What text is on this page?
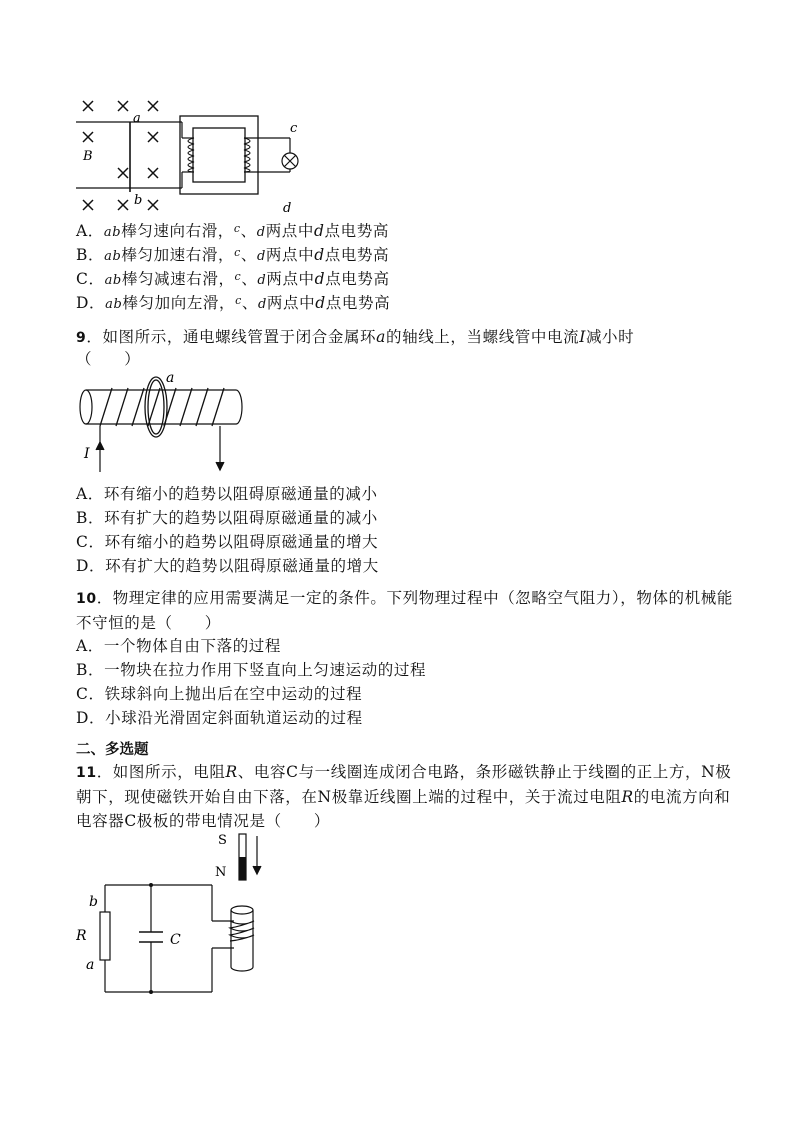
a
b
B
c
d
A．ab棒匀速向右滑，$^c$、d两点中d点电势高
B．ab棒匀加速右滑，$^c$、d两点中d点电势高
C．ab棒匀减速右滑，$^c$、d两点中d点电势高
D．ab棒匀加向左滑，$^c$、d两点中d点电势高
9．如图所示，通电螺线管置于闭合金属环a的轴线上，当螺线管中电流I减小时
（　　）
a
I
A．环有缩小的趋势以阻碍原磁通量的减小
B．环有扩大的趋势以阻碍原磁通量的减小
C．环有缩小的趋势以阻碍原磁通量的增大
D．环有扩大的趋势以阻碍原磁通量的增大
10．物理定律的应用需要满足一定的条件。下列物理过程中（忽略空气阻力），物体的机械能不守恒的是（　　）
A．一个物体自由下落的过程
B．一物块在拉力作用下竖直向上匀速运动的过程
C．铁球斜向上抛出后在空中运动的过程
D．小球沿光滑固定斜面轨道运动的过程
二、多选题
11．如图所示，电阻R、电容C与一线圈连成闭合电路，条形磁铁静止于线圈的正上方，N极朝下，现使磁铁开始自由下落，在N极靠近线圈上端的过程中，关于流过电阻R的电流方向和电容器C极板的带电情况是（　　）
S
N
b
R
a
C
